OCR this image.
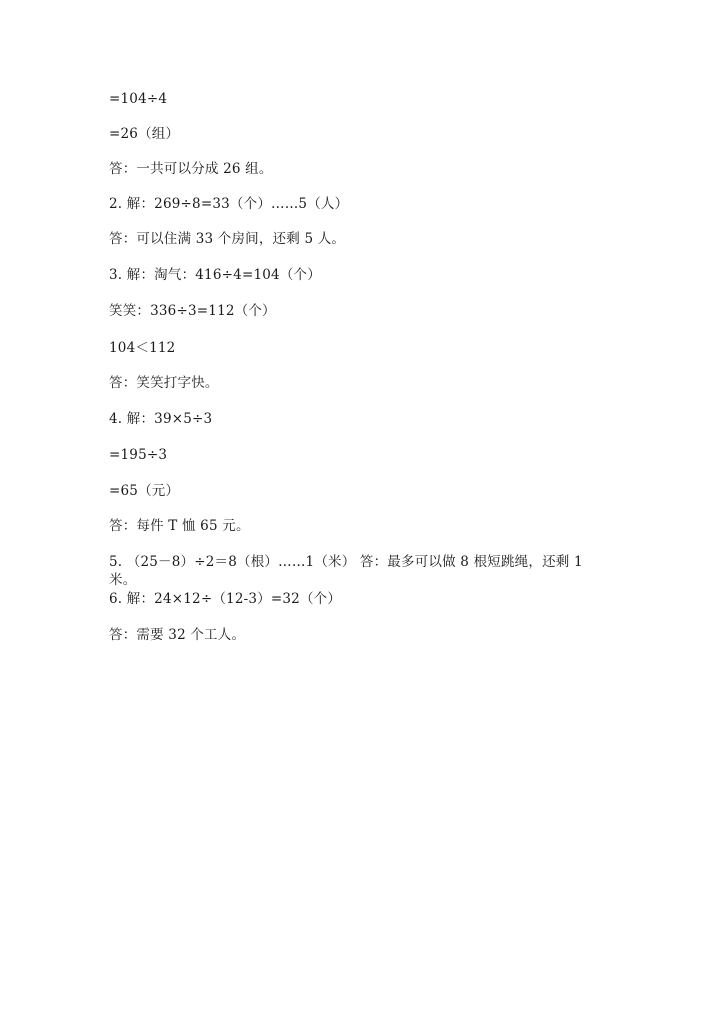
=104÷4
=26（组）
答：一共可以分成 26 组。
2. 解：269÷8=33（个）……5（人）
答：可以住满 33 个房间，还剩 5 人。
3. 解：淘气：416÷4=104（个）
笑笑：336÷3=112（个）
104＜112
答：笑笑打字快。
4. 解：39×5÷3
=195÷3
=65（元）
答：每件 T 恤 65 元。
5. （25－8）÷2＝8（根）……1（米） 答：最多可以做 8 根短跳绳，还剩 1 米。
6. 解：24×12÷（12-3）=32（个）
答：需要 32 个工人。
